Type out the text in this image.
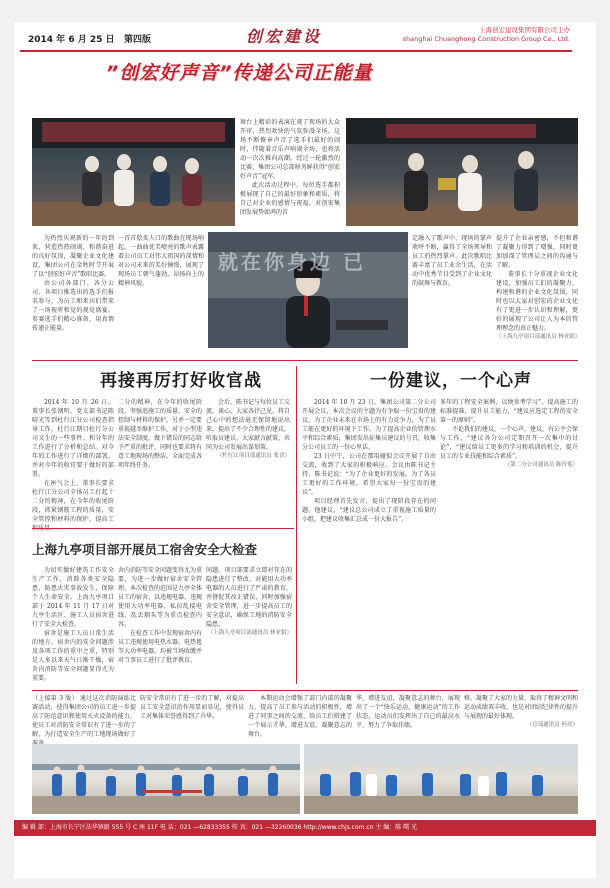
2014 年 6 月 25 日 第四版	创宏建设	上海创宏建设集团有限公司主办
shanghai Chuanghong Construction Group Co., Ltd.
”创宏好声音”传递公司正能量

舞台上精彩的表演在观了现场的大众开审，热烈欢快的气氛弥漫全场。这场不断修章声音了选手们最好的闹时，伴随着音乐声响闹全场，也将活动一次次推向高潮。经过一轮激烈的比赛，集团公司总部财务鲜获得“创宏好声音”冠军。

此次活动过程中，每位选手都积极展现了自己的最好形象和素质，将自己对企业的感情与祝福，对创宏集团发展势如鸿的首

为热烈庆祝新的一年的到来，营造热热闹闹、和谐奋进的良好氛围，凝聚企业文化建设，集团公司在金秋时节开展了以“创宏好声音”歌唱比赛。

由公司各部门、各分公司、各项目推选出的选手们报名参与，为员工和来宾们带来了一场视听和觉的视觉盛宴。参赛选手们精心准备，用真情传递正能量。

一首首脍炙人口的歌曲在现场响起，一曲曲优美嘹亮的歌声表露着公司员工对伟大祖国的深情和对公司未来的美好憧憬，展现了现场员工朝气蓬勃、昂扬向上的精神风貌。

就在你身边 已

定融入了歌声中，现场的掌声欢呼不断，赢得了全场领导和员工的热烈掌声。此次歌唱比赛丰富了员工业余生活，在活动中优秀节目受到了企业文化的鼓舞与教育。

提升了企业亲密感，不但和谐了凝聚力得到了增强，同时更加加深了管理层之间的沟通与了解。

董事长十分重视企业文化建设，加强员工们的凝聚力，构建和谐的企业文化氛围，同时也以大家对创宏的企业文化有了更进一步认识和理解，更好的展现了公司让人为本的管理理念的真正魅力。

（上海九亭项目部通讯员 林亚娟）

再接再厉打好收官战

2014 年 10 月 26 日，董事长张钢明、党支部书记陈晴光等到杜行江分公司检查指导工作，杜行江期目杜行分公司又生的一些事件。和分年的工作进行了分析和总结。对今年的工作进行了详细的部署，并对今年的收官要于做好的部署。

在座气会上，董事长要求杜行江分公司全体员工打起十二分的精神，在今年的收尾阶段，抓紧钢筋工程的质量，安全管控和材料的保护，提高工

二分的精神，在今年的收尾阶段，坚强追施工的质量，安全的控制与材料的保护，另并一定要重视越冬维护工作，对于小型违法安全制度，做下错误的同志给予严重的批评，同时也要求将有意工地现场的整洁，全面完成各项年终任务。

会后，陈书记与每位员工交流，谈心，大家各抒己见，将自己心中的想法毫无保留地说出来，提出了不少合理性的建议，听取员建议。大家献言献策，共同为公司发展出谋划策。

（杜行江项目部通讯员 张晋）

一份建议，一个心声

2014 年 10 月 23 日，集团公司第二分公司开展会议，本次会议的主题为有争取一份宝贵的建议，为了企业未来在市场上的有力竞争力，为了员工能在更好的环境下工作，为了提高企业的管理水平和综合素质，集团发出征集员建议的号召，收集分公司员工的一份心里话。

23 日中午，公司在那用碰似会议开展了自由交流，收到了大家的积极响应。会议由陈书记主持，陈书记说：“为了企业更好的发展，为了各员工更好的工作环境，希望大家每一份宝贵的建议”。

项目经理首先发言，提出了现阶段存在的问题。他建议，“建议总公司成立了重视施工质量的小组，把建议收集汇总成一份大报告”。

多年的丁程安全案例，以便参考学习”。提高施工的标准提准，提升员工能力，“建议应选定工程的安全第一的原则”。

不论我们的建议，一个心声，建议，有公平会保与工作，“建议各分公司定期召开一次集中的讨论”，“建议给员工更多的学习和培训的机会，提升员工的专业技能和综合素质”。

（第二分公司通讯员 陈玲莲）

上海九亭项目部开展员工宿舍安全大检查

为切实做好建筑工作安全生产工作，消除各类安全隐患，防患火灾事故发生，保障个人生命安全。上海九亭项目部于 2014 年 11 月 17 日对九亭生活区、施工人员宿舍进行了安全大检查。

宿舍是施工人员日常生活的地方，宿舍内的安全问题涉及各项工作的重中之重，特别是人多以来天气日渐干燥，宿舍内消防等安全问题显得尤为重要。

舍内消防等安全问题变得尤为重要，为进一步做好宿舍安全管理，本次检查的范围是九亭全体员工的宿舍，以违规电器、违规使用大功率电器、私拉乱接电线、乱丢烟头等为重点检查内容。

在检查工作中发现宿舍内有员工违规使用电热水器、电热毯等大功率电器，均被当场收缴并对当事员工进行了批评教育。

问题。项目部要求立即对存在的隐患进行了整改，对能用大功率电器的人员进行了严肃的教育，并督促其改正错误，同时加强宿舍安全管理，进一步提高员工的安全意识，确保工地的消防安全隐患。

（上海九亭项目部通讯员 林亚娟）

（上接第 3 版） 通过这次消防演练比赛活动，使得集团公司的员工进一步提高了防范意识和使用灭火设备的能力，使员工对消防安全常识有了进一步的了解，为打造安全生产的工地现场做好了

防安全常识有了进一步的了解，对提高员工安全意识的作用显而易见，使得员工对集体荣誉感得到了升华。

本期运动会增强了部门内部的凝聚力，提高了员工参与活动的积极性，增进了同事之间的交流，给员工们搭建了一个展示才华、增进友谊、凝聚意志的舞台。

华，增进友谊，凝聚意志的舞台，展现出了一个“快乐运动，健康运动”的工作状态，运动员们发挥出了自己的最高水平，努力了争取佳绩。

格，凝聚了大家的力量，取得了精神文明和运动成绩双丰收，也是对团结纪律性的提升与展现的最好体现。

（总部通讯员 何亮）

编 辑 部：上海市长宁区法华镇路 555 号 C 座 11F 电 话：021 —62833355 传 真：021 —32260036 http://www.chjs.com.cn 主 编：陈 曙 光
